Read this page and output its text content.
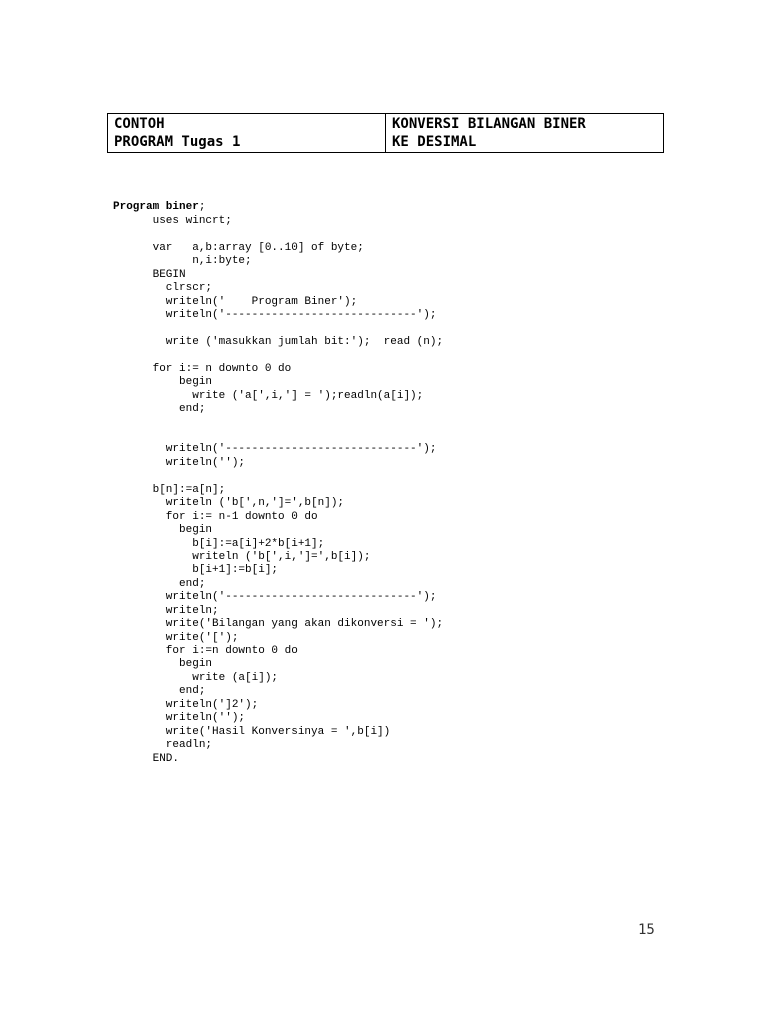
CONTOH
PROGRAM Tugas 1
KONVERSI BILANGAN BINER
KE DESIMAL
Program biner;
uses wincrt;
var   a,b:array [0..10] of byte;
n,i:byte;
BEGIN
clrscr;
writeln('    Program Biner');
writeln('-----------------------------');
write ('masukkan jumlah bit:');  read (n);
for i:= n downto 0 do
begin
write ('a[',i,'] = ');readln(a[i]);
end;
writeln('-----------------------------');
writeln('');
b[n]:=a[n];
writeln ('b[',n,']=',b[n]);
for i:= n-1 downto 0 do
begin
b[i]:=a[i]+2*b[i+1];
writeln ('b[',i,']=',b[i]);
b[i+1]:=b[i];
end;
writeln('-----------------------------');
writeln;
write('Bilangan yang akan dikonversi = ');
write('[');
for i:=n downto 0 do
begin
write (a[i]);
end;
writeln(']2');
writeln('');
write('Hasil Konversinya = ',b[i])
readln;
END.
15
